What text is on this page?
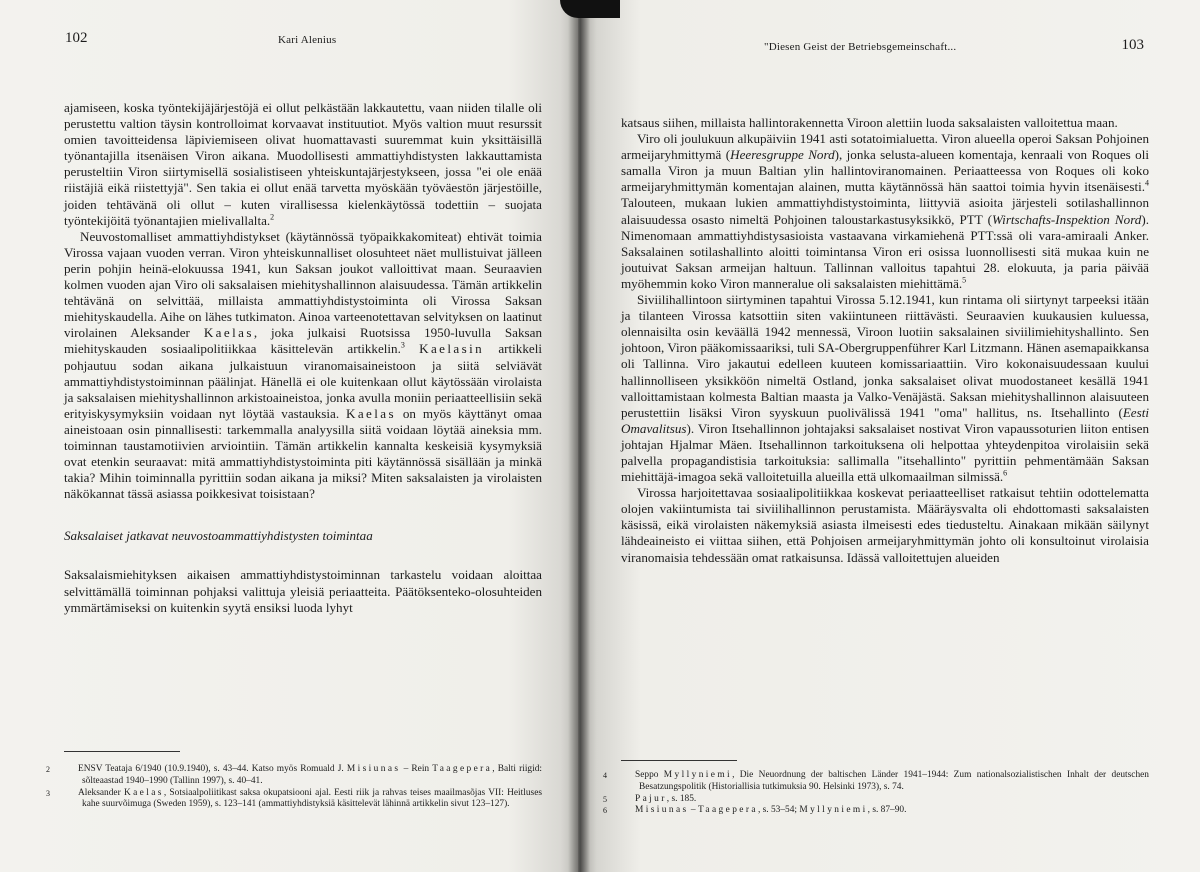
102	Kari Alenius

ajamiseen, koska työntekijäjärjestöjä ei ollut pelkästään lakkautettu, vaan niiden tilalle oli perustettu valtion täysin kontrolloimat korvaavat instituutiot. Myös valtion muut resurssit omien tavoitteidensa läpiviemiseen olivat huomattavasti suuremmat kuin yksittäisillä työnantajilla itsenäisen Viron aikana. Muodollisesti ammattiyhdistysten lakkauttamista perusteltiin Viron siirtymisellä sosialistiseen yhteiskuntajärjestykseen, jossa "ei ole enää riistäjiä eikä riistettyjä". Sen takia ei ollut enää tarvetta myöskään työväestön järjestöille, joiden tehtävänä oli ollut – kuten virallisessa kielenkäytössä todettiin – suojata työntekijöitä työnantajien mielivallalta.$^2$

Neuvostomalliset ammattiyhdistykset (käytännössä työpaikkakomiteat) ehtivät toimia Virossa vajaan vuoden verran. Viron yhteiskunnalliset olosuhteet näet mullistuivat jälleen perin pohjin heinä-elokuussa 1941, kun Saksan joukot valloittivat maan. Seuraavien kolmen vuoden ajan Viro oli saksalaisen miehityshallinnon alaisuudessa. Tämän artikkelin tehtävänä on selvittää, millaista ammattiyhdistystoiminta oli Virossa Saksan miehityskaudella. Aihe on lähes tutkimaton. Ainoa varteenotettavan selvityksen on laatinut virolainen Aleksander Kaelas, joka julkaisi Ruotsissa 1950-luvulla Saksan miehityskauden sosiaalipolitiikkaa käsittelevän artikkelin.$^3$ Kaelasin artikkeli pohjautuu sodan aikana julkaistuun viranomaisaineistoon ja siitä selviävät ammattiyhdistystoiminnan päälinjat. Hänellä ei ole kuitenkaan ollut käytössään virolaista ja saksalaisen miehityshallinnon arkistoaineistoa, jonka avulla moniin periaatteellisiin sekä erityiskysymyksiin voidaan nyt löytää vastauksia. Kaelas on myös käyttänyt omaa aineistoaan osin pinnallisesti: tarkemmalla analyysilla siitä voidaan löytää aineksia mm. toiminnan taustamotiivien arviointiin. Tämän artikkelin kannalta keskeisiä kysymyksiä ovat etenkin seuraavat: mitä ammattiyhdistystoiminta piti käytännössä sisällään ja minkä takia? Mihin toiminnalla pyrittiin sodan aikana ja miksi? Miten saksalaisten ja virolaisten näkökannat tässä asiassa poikkesivat toisistaan?

Saksalaiset jatkavat neuvostoammattiyhdistysten toimintaa

Saksalaismiehityksen aikaisen ammattiyhdistystoiminnan tarkastelu voidaan aloittaa selvittämällä toiminnan pohjaksi valittuja yleisiä periaatteita. Päätöksenteko-olosuhteiden ymmärtämiseksi on kuitenkin syytä ensiksi luoda lyhyt

2	ENSV Teataja 6/1940 (10.9.1940), s. 43–44. Katso myös Romuald J. Misiunas – Rein Taagepera, Balti riigid: sõlteaastad 1940–1990 (Tallinn 1997), s. 40–41.

3	Aleksander Kaelas, Sotsiaalpoliitikast saksa okupatsiooni ajal. Eesti riik ja rahvas teises maailmasõjas VII: Heitluses kahe suurvõimuga (Sweden 1959), s. 123–141 (ammattiyhdistyksiä käsittelevät lähinnä artikkelin sivut 123–127).

"Diesen Geist der Betriebsgemeinschaft...	103

katsaus siihen, millaista hallintorakennetta Viroon alettiin luoda saksalaisten valloitettua maan.

Viro oli joulukuun alkupäiviin 1941 asti sotatoimialuetta. Viron alueella operoi Saksan Pohjoinen armeijaryhmittymä (Heeresgruppe Nord), jonka selusta-alueen komentaja, kenraali von Roques oli samalla Viron ja muun Baltian ylin hallintoviranomainen. Periaatteessa von Roques oli koko armeijaryhmittymän komentajan alainen, mutta käytännössä hän saattoi toimia hyvin itsenäisesti.$^4$ Talouteen, mukaan lukien ammattiyhdistystoiminta, liittyviä asioita järjesteli sotilashallinnon alaisuudessa osasto nimeltä Pohjoinen taloustarkastusyksikkö, PTT (Wirtschafts-Inspektion Nord). Nimenomaan ammattiyhdistysasioista vastaavana virkamiehenä PTT:ssä oli vara-amiraali Anker. Saksalainen sotilashallinto aloitti toimintansa Viron eri osissa luonnollisesti sitä mukaa kuin ne joutuivat Saksan armeijan haltuun. Tallinnan valloitus tapahtui 28. elokuuta, ja paria päivää myöhemmin koko Viron manneralue oli saksalaisten miehittämä.$^5$

Siviilihallintoon siirtyminen tapahtui Virossa 5.12.1941, kun rintama oli siirtynyt tarpeeksi itään ja tilanteen Virossa katsottiin siten vakiintuneen riittävästi. Seuraavien kuukausien kuluessa, olennaisilta osin keväällä 1942 mennessä, Viroon luotiin saksalainen siviilimiehityshallinto. Sen johtoon, Viron pääkomissaariksi, tuli SA-Obergruppenführer Karl Litzmann. Hänen asemapaikkansa oli Tallinna. Viro jakautui edelleen kuuteen komissariaattiin. Viro kokonaisuudessaan kuului hallinnolliseen yksikköön nimeltä Ostland, jonka saksalaiset olivat muodostaneet kesällä 1941 valloittamistaan kolmesta Baltian maasta ja Valko-Venäjästä. Saksan miehityshallinnon alaisuuteen perustettiin lisäksi Viron syyskuun puolivälissä 1941 "oma" hallitus, ns. Itsehallinto (Eesti Omavalitsus). Viron Itsehallinnon johtajaksi saksalaiset nostivat Viron vapaussoturien liiton entisen johtajan Hjalmar Mäen. Itsehallinnon tarkoituksena oli helpottaa yhteydenpitoa virolaisiin sekä palvella propagandistisia tarkoituksia: sallimalla "itsehallinto" pyrittiin pehmentämään Saksan miehittäjä-imagoa sekä valloitetuilla alueilla että ulkomaailman silmissä.$^6$

Virossa harjoitettavaa sosiaalipolitiikkaa koskevat periaatteelliset ratkaisut tehtiin odottelematta olojen vakiintumista tai siviilihallinnon perustamista. Määräysvalta oli ehdottomasti saksalaisten käsissä, eikä virolaisten näkemyksiä asiasta ilmeisesti edes tiedusteltu. Ainakaan mikään säilynyt lähdeaineisto ei viittaa siihen, että Pohjoisen armeijaryhmittymän johto oli konsultoinut virolaisia viranomaisia tehdessään omat ratkaisunsa. Idässä valloitettujen alueiden

4	Seppo Myllyniemi, Die Neuordnung der baltischen Länder 1941–1944: Zum nationalsozialistischen Inhalt der deutschen Besatzungspolitik (Historiallisia tutkimuksia 90. Helsinki 1973), s. 74.

5	Pajur, s. 185.

6	Misiunas – Taagepera, s. 53–54; Myllyniemi, s. 87–90.
